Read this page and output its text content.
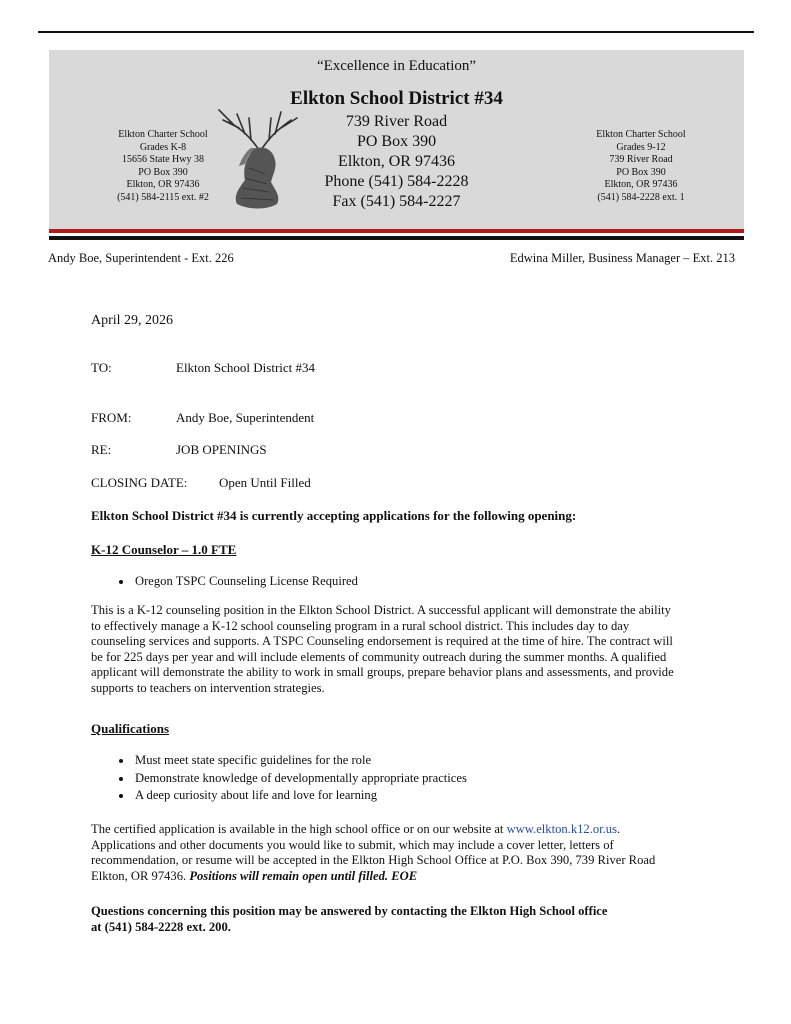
“Excellence in Education”
Elkton School District #34
739 River Road
PO Box 390
Elkton, OR 97436
Phone (541) 584-2228
Fax (541) 584-2227
Elkton Charter School
Grades K-8
15656 State Hwy 38
PO Box 390
Elkton, OR 97436
(541) 584-2115 ext. #2
Elkton Charter School
Grades 9-12
739 River Road
PO Box 390
Elkton, OR 97436
(541) 584-2228 ext. 1
Andy Boe, Superintendent - Ext. 226	Edwina Miller, Business Manager – Ext. 213
April 29, 2026
TO:	Elkton School District #34
FROM:	Andy Boe, Superintendent
RE:	JOB OPENINGS
CLOSING DATE: Open Until Filled
Elkton School District #34 is currently accepting applications for the following opening:
K-12 Counselor – 1.0 FTE
• Oregon TSPC Counseling License Required
This is a K-12 counseling position in the Elkton School District. A successful applicant will demonstrate the ability to effectively manage a K-12 school counseling program in a rural school district. This includes day to day counseling services and supports. A TSPC Counseling endorsement is required at the time of hire. The contract will be for 225 days per year and will include elements of community outreach during the summer months. A qualified applicant will demonstrate the ability to work in small groups, prepare behavior plans and assessments, and provide supports to teachers on intervention strategies.
Qualifications
• Must meet state specific guidelines for the role
• Demonstrate knowledge of developmentally appropriate practices
• A deep curiosity about life and love for learning
The certified application is available in the high school office or on our website at www.elkton.k12.or.us. Applications and other documents you would like to submit, which may include a cover letter, letters of recommendation, or resume will be accepted in the Elkton High School Office at P.O. Box 390, 739 River Road Elkton, OR 97436. Positions will remain open until filled. EOE
Questions concerning this position may be answered by contacting the Elkton High School office at (541) 584-2228 ext. 200.
